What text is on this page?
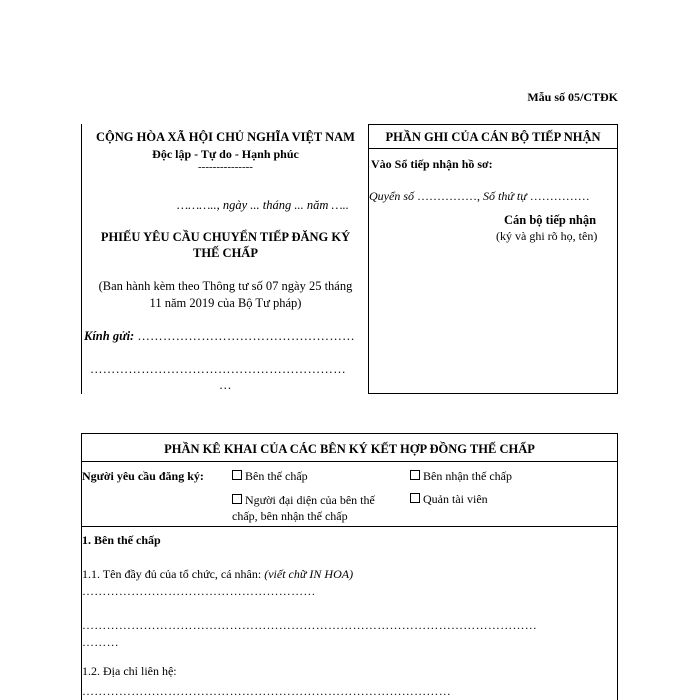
Mẫu số 05/CTĐK
CỘNG HÒA XÃ HỘI CHỦ NGHĨA VIỆT NAM
Độc lập - Tự do - Hạnh phúc
---------------
……….., ngày ... tháng ... năm …..
PHIẾU YÊU CẦU CHUYỂN TIẾP ĐĂNG KÝ
THẾ CHẤP
(Ban hành kèm theo Thông tư số 07 ngày 25 tháng
11 năm 2019 của Bộ Tư pháp)
Kính gửi: ……………………………………………
……………………………………………………
…
PHẦN GHI CỦA CÁN BỘ TIẾP NHẬN
Vào Sổ tiếp nhận hồ sơ:
Quyển số ……………, Số thứ tự ……………
Cán bộ tiếp nhận
(ký và ghi rõ họ, tên)
PHẦN KÊ KHAI CỦA CÁC BÊN KÝ KẾT HỢP ĐỒNG THẾ CHẤP
Người yêu cầu đăng ký:	Bên thế chấp	Bên nhận thế chấp
Người đại diện của bên thế
chấp, bên nhận thế chấp
Quản tài viên
1. Bên thế chấp
1.1. Tên đầy đủ của tổ chức, cá nhân: (viết chữ IN HOA)
…………………………………………………
…………………………………………………………………………………………………
………
1.2. Địa chỉ liên hệ:
………………………………………………………………………………
